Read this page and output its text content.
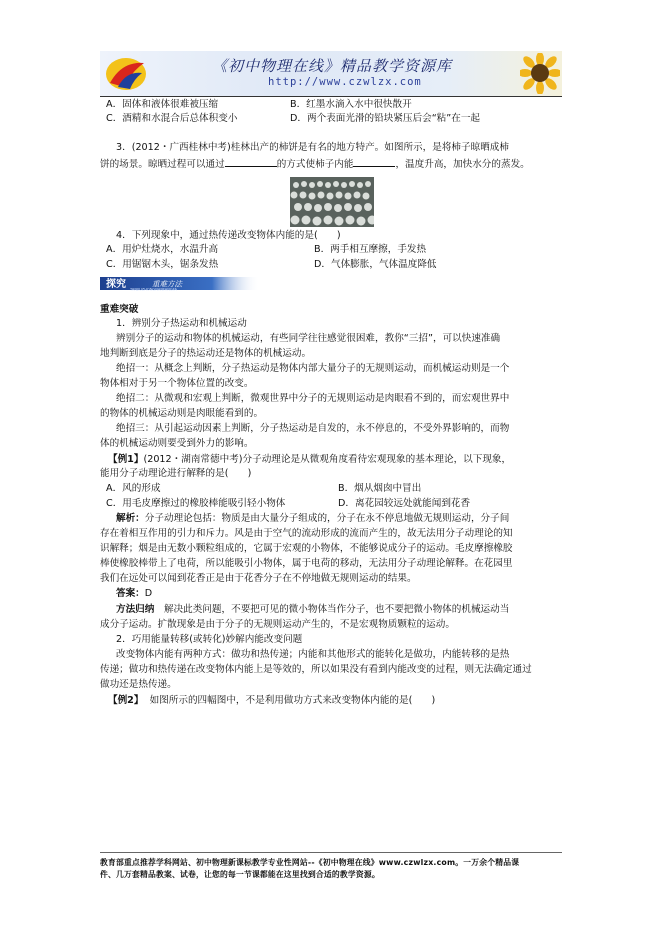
《初中物理在线》精品教学资源库
http://www.czwlzx.com
A．固体和液体很难被压缩	B．红墨水滴入水中很快散开
C．酒精和水混合后总体积变小	D．两个表面光滑的铅块紧压后会“粘”在一起
3．(2012・广西桂林中考)桂林出产的柿饼是有名的地方特产。如图所示，是将柿子晾晒成柿
饼的场景。晾晒过程可以通过	的方式使柿子内能	，温度升高，加快水分的蒸发。
4．下列现象中，通过热传递改变物体内能的是(　　)
A．用炉灶烧水，水温升高	B．两手相互摩擦，手发热
C．用锯锯木头，锯条发热	D．气体膨胀，气体温度降低
探究	重难方法
TANJIUZHONGNANFANGFA
重难突破
1．辨别分子热运动和机械运动
辨别分子的运动和物体的机械运动，有些同学往往感觉很困难，教你“三招”，可以快速准确
地判断到底是分子的热运动还是物体的机械运动。
绝招一：从概念上判断，分子热运动是物体内部大量分子的无规则运动，而机械运动则是一个
物体相对于另一个物体位置的改变。
绝招二：从微观和宏观上判断，微观世界中分子的无规则运动是肉眼看不到的，而宏观世界中
的物体的机械运动则是肉眼能看到的。
绝招三：从引起运动因素上判断，分子热运动是自发的，永不停息的，不受外界影响的，而物
体的机械运动则要受到外力的影响。
【例1】(2012・湖南常德中考)分子动理论是从微观角度看待宏观现象的基本理论，以下现象，
能用分子动理论进行解释的是(　　)
A．风的形成	B．烟从烟囱中冒出
C．用毛皮摩擦过的橡胶棒能吸引轻小物体	D．离花园较远处就能闻到花香
解析：分子动理论包括：物质是由大量分子组成的，分子在永不停息地做无规则运动，分子间
存在着相互作用的引力和斥力。风是由于空气的流动形成的流而产生的，故无法用分子动理论的知
识解释；烟是由无数小颗粒组成的，它属于宏观的小物体，不能够说成分子的运动。毛皮摩擦橡胶
棒使橡胶棒带上了电荷，所以能吸引小物体，属于电荷的移动，无法用分子动理论解释。在花园里
我们在远处可以闻到花香正是由于花香分子在不停地做无规则运动的结果。
答案：D
方法归纳　解决此类问题，不要把可见的微小物体当作分子，也不要把微小物体的机械运动当
成分子运动。扩散现象是由于分子的无规则运动产生的，不是宏观物质颗粒的运动。
2．巧用能量转移(或转化)妙解内能改变问题
改变物体内能有两种方式：做功和热传递；内能和其他形式的能转化是做功，内能转移的是热
传递；做功和热传递在改变物体内能上是等效的，所以如果没有看到内能改变的过程，则无法确定通过
做功还是热传递。
【例2】 如图所示的四幅图中，不是利用做功方式来改变物体内能的是(　　)
教育部重点推荐学科网站、初中物理新课标教学专业性网站--《初中物理在线》www.czwlzx.com。一万余个精品课
件、几万套精品教案、试卷，让您的每一节课都能在这里找到合适的教学资源。
